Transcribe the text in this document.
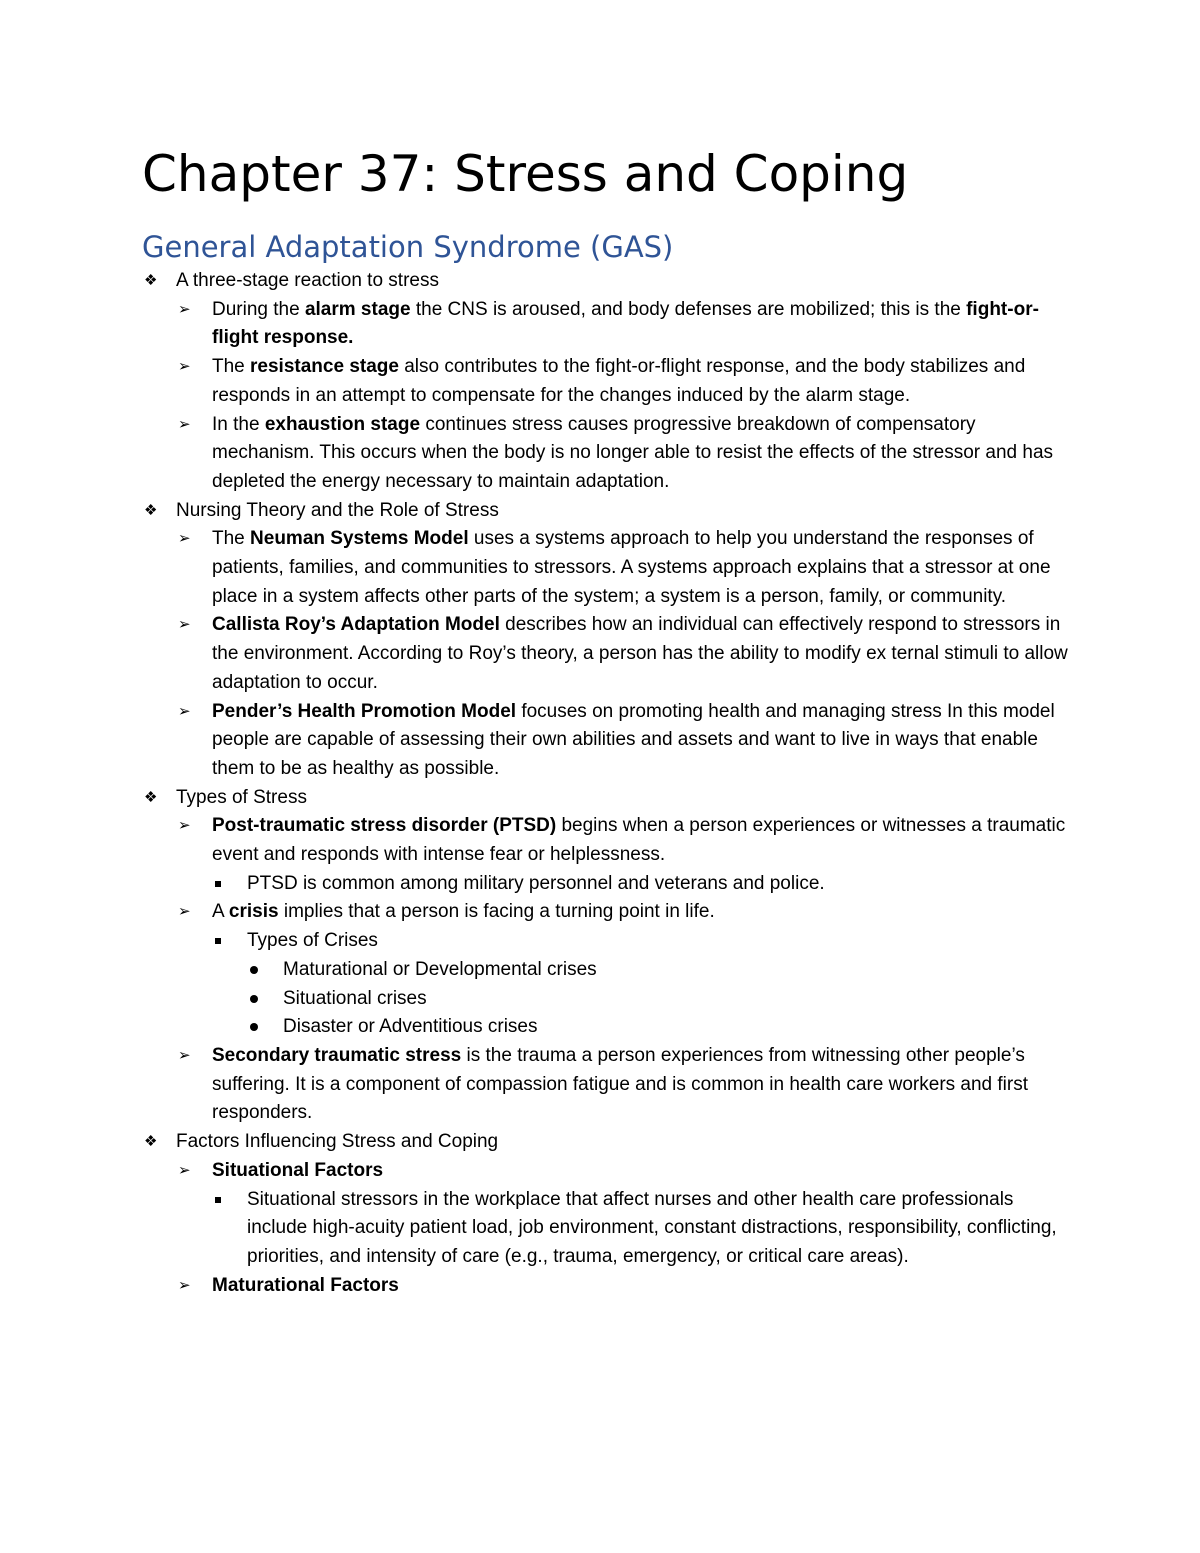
Chapter 37: Stress and Coping
General Adaptation Syndrome (GAS)
❖ A three-stage reaction to stress
➢ During the alarm stage the CNS is aroused, and body defenses are mobilized; this is the fight-or-flight response.
➢ The resistance stage also contributes to the fight-or-flight response, and the body stabilizes and responds in an attempt to compensate for the changes induced by the alarm stage.
➢ In the exhaustion stage continues stress causes progressive breakdown of compensatory mechanism. This occurs when the body is no longer able to resist the effects of the stressor and has depleted the energy necessary to maintain adaptation.
❖ Nursing Theory and the Role of Stress
➢ The Neuman Systems Model uses a systems approach to help you understand the responses of patients, families, and communities to stressors. A systems approach explains that a stressor at one place in a system affects other parts of the system; a system is a person, family, or community.
➢ Callista Roy’s Adaptation Model describes how an individual can effectively respond to stressors in the environment. According to Roy’s theory, a person has the ability to modify ex ternal stimuli to allow adaptation to occur.
➢ Pender’s Health Promotion Model focuses on promoting health and managing stress In this model people are capable of assessing their own abilities and assets and want to live in ways that enable them to be as healthy as possible.
❖ Types of Stress
➢ Post-traumatic stress disorder (PTSD) begins when a person experiences or witnesses a traumatic event and responds with intense fear or helplessness.
PTSD is common among military personnel and veterans and police.
➢ A crisis implies that a person is facing a turning point in life.
Types of Crises
Maturational or Developmental crises
Situational crises
Disaster or Adventitious crises
➢ Secondary traumatic stress is the trauma a person experiences from witnessing other people’s suffering. It is a component of compassion fatigue and is common in health care workers and first responders.
❖ Factors Influencing Stress and Coping
➢ Situational Factors
Situational stressors in the workplace that affect nurses and other health care professionals include high-acuity patient load, job environment, constant distractions, responsibility, conflicting, priorities, and intensity of care (e.g., trauma, emergency, or critical care areas).
➢ Maturational Factors
